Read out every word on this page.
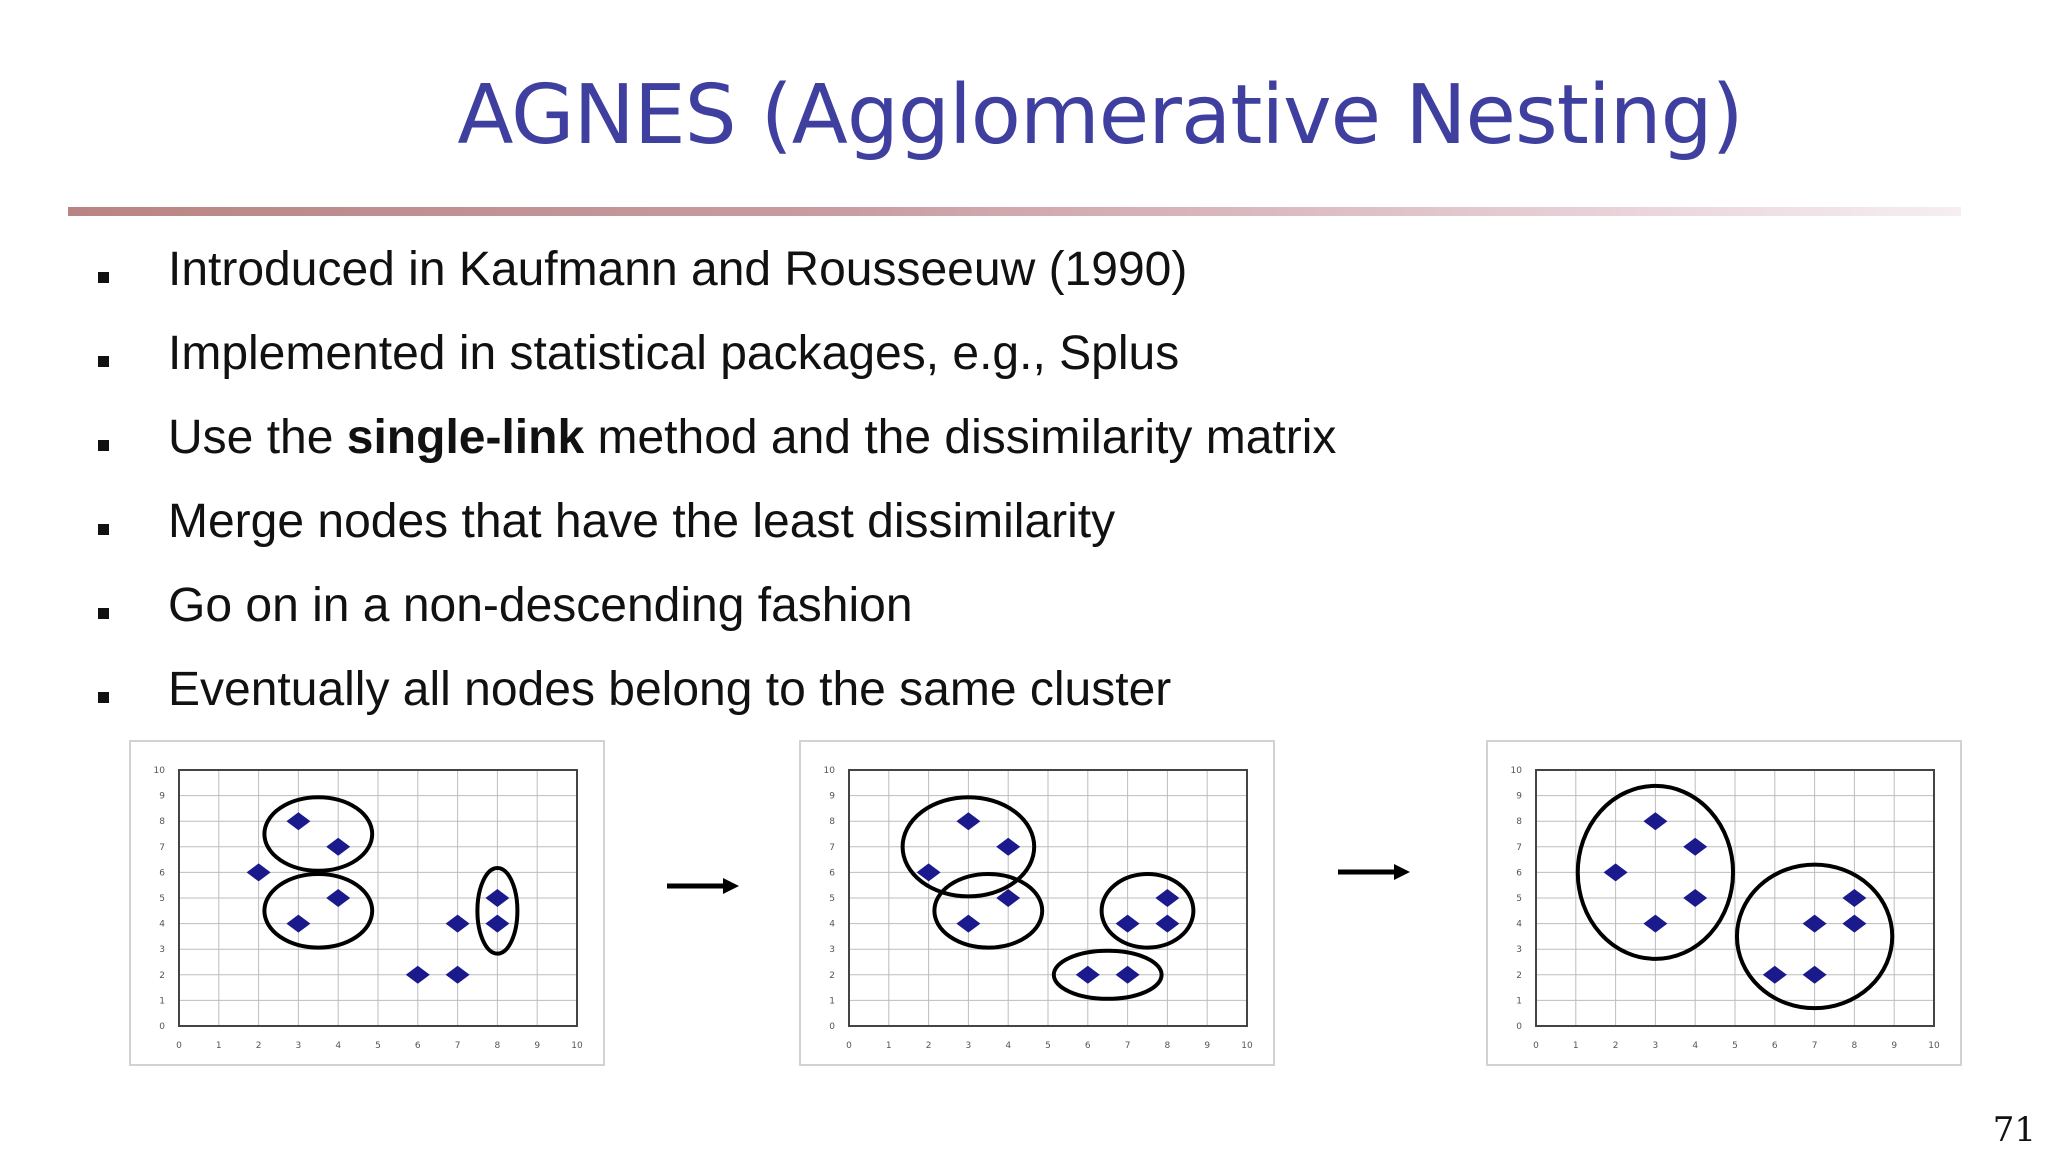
AGNES (Agglomerative Nesting)
Introduced in Kaufmann and Rousseeuw (1990)
Implemented in statistical packages, e.g., Splus
Use the single-link method and the dissimilarity matrix
Merge nodes that have the least dissimilarity
Go on in a non-descending fashion
Eventually all nodes belong to the same cluster
0	1	2	3	4	5	6	7	8	9	10
0
1
2
3
4
5
6
7
8
9
10
0	1	2	3	4	5	6	7	8	9	10
0
1
2
3
4
5
6
7
8
9
10
0	1	2	3	4	5	6	7	8	9	10
0
1
2
3
4
5
6
7
8
9
10
71
